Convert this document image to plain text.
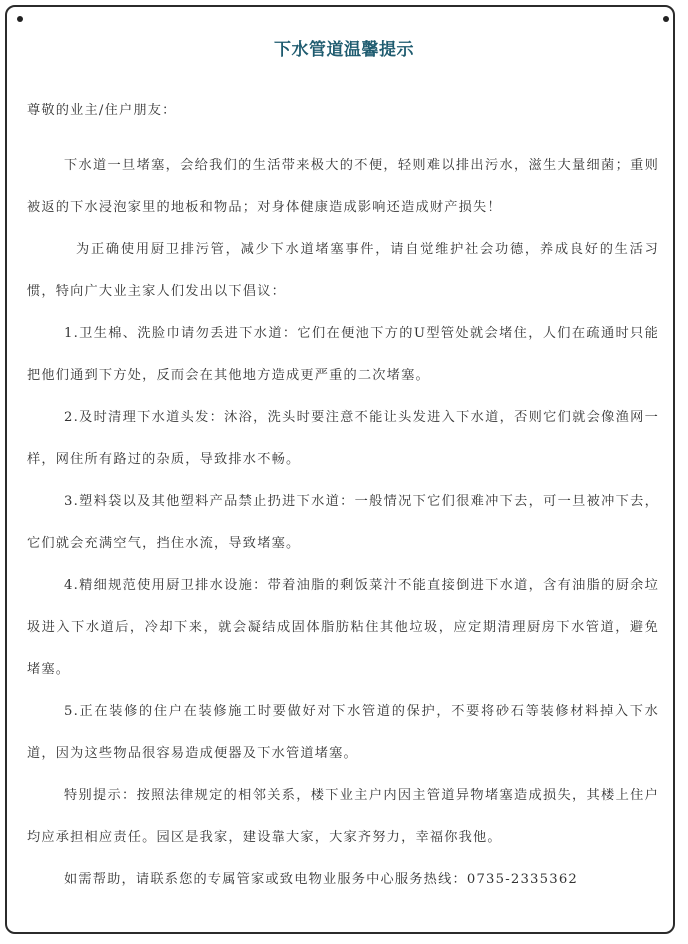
下水管道温馨提示

尊敬的业主/住户朋友：

下水道一旦堵塞，会给我们的生活带来极大的不便，轻则难以排出污水，滋生大量细菌；重则被返的下水浸泡家里的地板和物品；对身体健康造成影响还造成财产损失！

为正确使用厨卫排污管，减少下水道堵塞事件，请自觉维护社会功德，养成良好的生活习惯，特向广大业主家人们发出以下倡议：

1.卫生棉、洗脸巾请勿丢进下水道：它们在便池下方的U型管处就会堵住，人们在疏通时只能把他们通到下方处，反而会在其他地方造成更严重的二次堵塞。

2.及时清理下水道头发：沐浴，洗头时要注意不能让头发进入下水道，否则它们就会像渔网一样，网住所有路过的杂质，导致排水不畅。

3.塑料袋以及其他塑料产品禁止扔进下水道：一般情况下它们很难冲下去，可一旦被冲下去，它们就会充满空气，挡住水流，导致堵塞。

4.精细规范使用厨卫排水设施：带着油脂的剩饭菜汁不能直接倒进下水道，含有油脂的厨余垃圾进入下水道后，冷却下来，就会凝结成固体脂肪粘住其他垃圾，应定期清理厨房下水管道，避免堵塞。

5.正在装修的住户在装修施工时要做好对下水管道的保护，不要将砂石等装修材料掉入下水道，因为这些物品很容易造成便器及下水管道堵塞。

特别提示：按照法律规定的相邻关系，楼下业主户内因主管道异物堵塞造成损失，其楼上住户均应承担相应责任。园区是我家，建设靠大家，大家齐努力，幸福你我他。

如需帮助，请联系您的专属管家或致电物业服务中心服务热线：0735-2335362
